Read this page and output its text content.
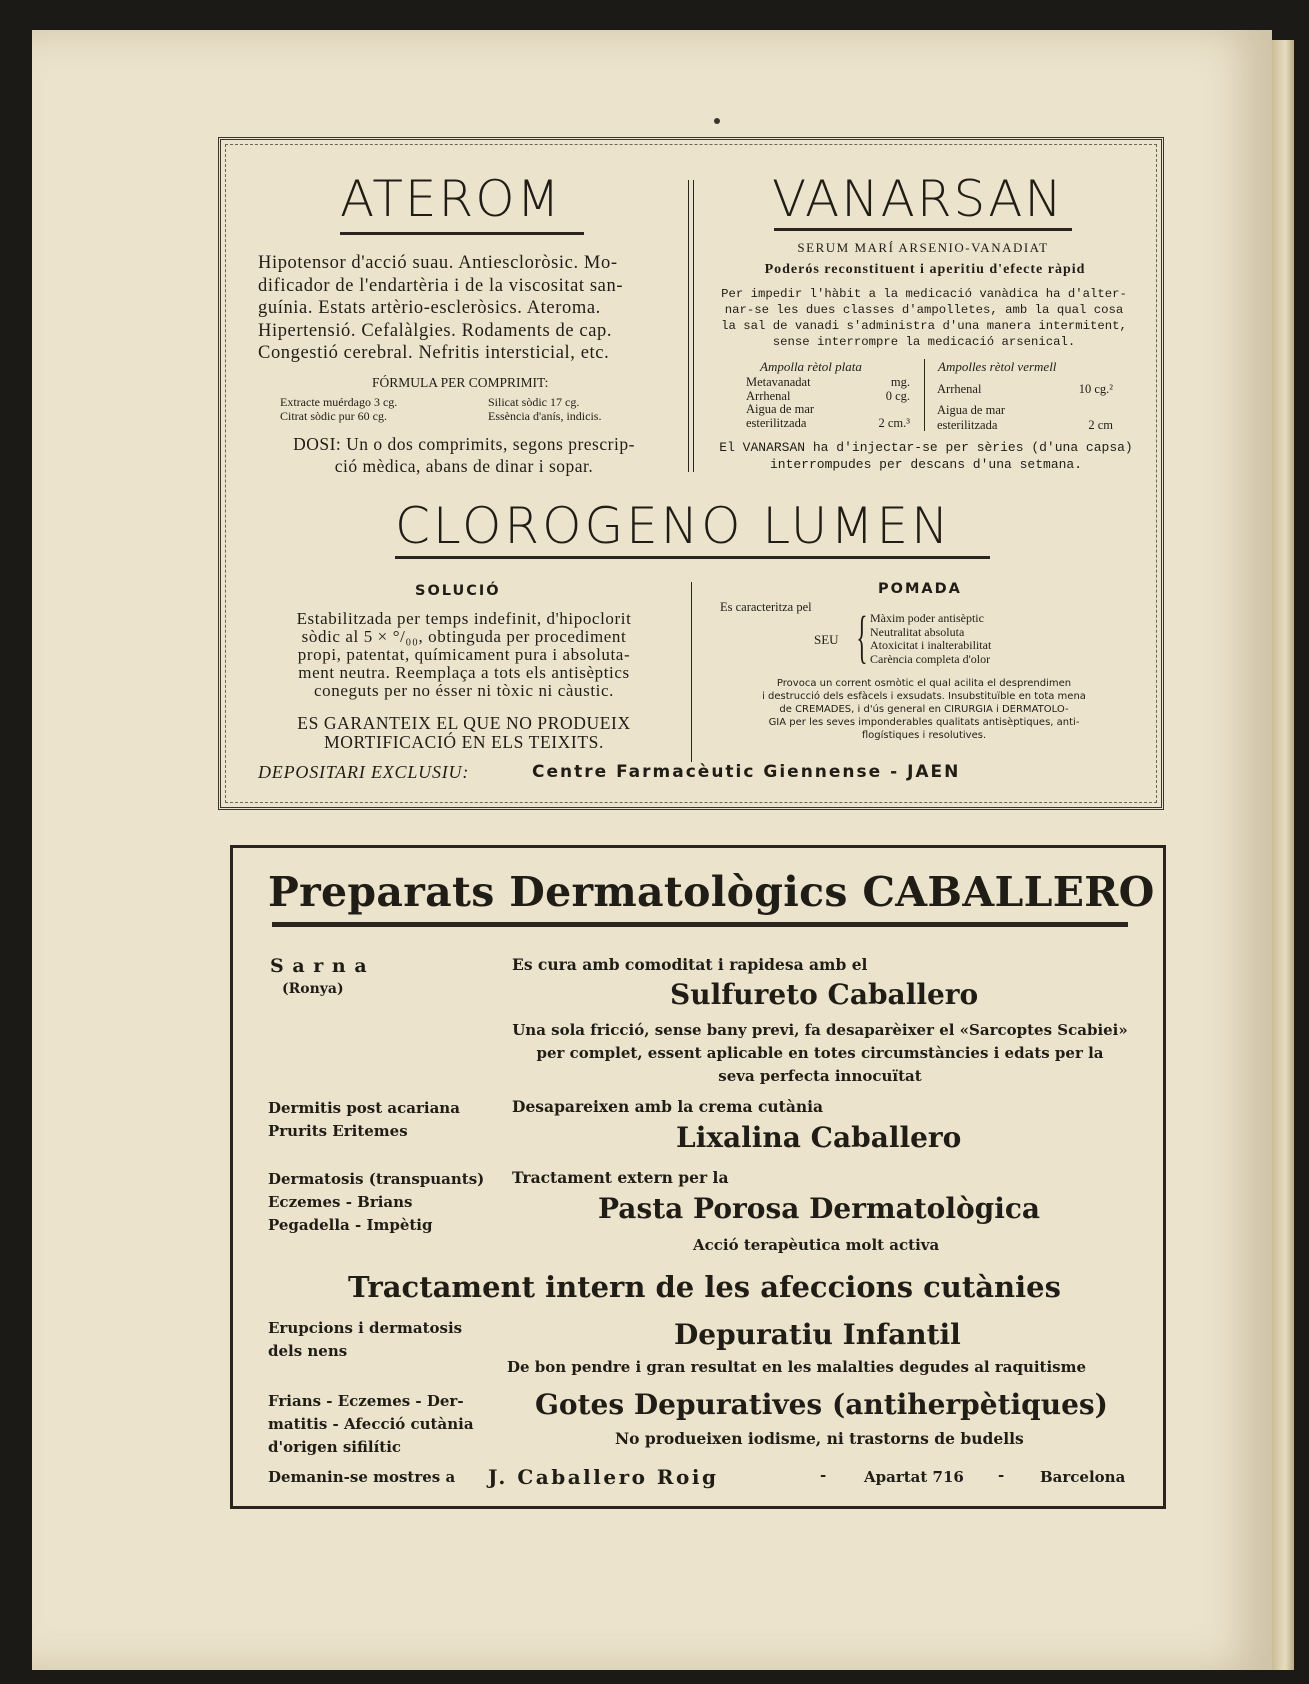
ATEROM
Hipotensor d'acció suau. Antiescloròsic. Mo-
dificador de l'endartèria i de la viscositat san-
guínia. Estats artèrio-escleròsics. Ateroma.
Hipertensió. Cefalàlgies. Rodaments de cap.
Congestió cerebral. Nefritis intersticial, etc.
FÓRMULA PER COMPRIMIT:
Extracte muérdago 3 cg.	Silicat sòdic 17 cg.
Citrat sòdic pur 60 cg.	Essència d'anís, indicis.
DOSI: Un o dos comprimits, segons prescrip-
ció mèdica, abans de dinar i sopar.
VANARSAN
SERUM MARÍ ARSENIO-VANADIAT
Poderós reconstituent i aperitiu d'efecte ràpid
Per impedir l'hàbit a la medicació vanàdica ha d'alter-
nar-se les dues classes d'ampolletes, amb la qual cosa
la sal de vanadi s'administra d'una manera intermitent,
sense interrompre la medicació arsenical.
Ampolla rètol plata
Metavanadat	mg.
Arrhenal	0 cg.
Aigua de mar
esterilitzada	2 cm.³
Ampolles rètol vermell
Arrhenal	10 cg.²
Aigua de mar
esterilitzada	2 cm
El VANARSAN ha d'injectar-se per sèries (d'una capsa)
interrompudes per descans d'una setmana.
CLOROGENO LUMEN
SOLUCIÓ
Estabilitzada per temps indefinit, d'hipoclorit
sòdic al 5 × °/₀₀, obtinguda per procediment
propi, patentat, químicament pura i absoluta-
ment neutra. Reemplaça a tots els antisèptics
coneguts per no ésser ni tòxic ni càustic.
ES GARANTEIX EL QUE NO PRODUEIX
MORTIFICACIÓ EN ELS TEIXITS.
POMADA
Es caracteritza pel
SEU { Màxim poder antisèptic
Neutralitat absoluta
Atoxicitat i inalterabilitat
Carència completa d'olor
Provoca un corrent osmòtic el qual acilita el desprendimen
i destrucció dels esfàcels i exsudats. Insubstituïble en tota mena
de CREMADES, i d'ús general en CIRURGIA i DERMATOLO-
GIA per les seves imponderables qualitats antisèptiques, anti-
flogístiques i resolutives.
DEPOSITARI EXCLUSIU:	Centre Farmacèutic Giennense - JAEN
Preparats Dermatològics CABALLERO
S a r n a
(Ronya)
Es cura amb comoditat i rapidesa amb el
Sulfureto Caballero
Una sola fricció, sense bany previ, fa desaparèixer el «Sarcoptes Scabiei»
per complet, essent aplicable en totes circumstàncies i edats per la
seva perfecta innocuïtat
Dermitis post acariana
Prurits Eritemes
Desapareixen amb la crema cutània
Lixalina Caballero
Dermatosis (transpuants)
Eczemes - Brians
Pegadella - Impètig
Tractament extern per la
Pasta Porosa Dermatològica
Acció terapèutica molt activa
Tractament intern de les afeccions cutànies
Erupcions i dermatosis
dels nens	Depuratiu Infantil
De bon pendre i gran resultat en les malalties degudes al raquitisme
Frians - Eczemes - Der-
matitis - Afecció cutània
d'origen sifilític
Gotes Depuratives (antiherpètiques)
No produeixen iodisme, ni trastorns de budells
Demanin-se mostres a J. Caballero Roig	-	Apartat 716 - Barcelona
